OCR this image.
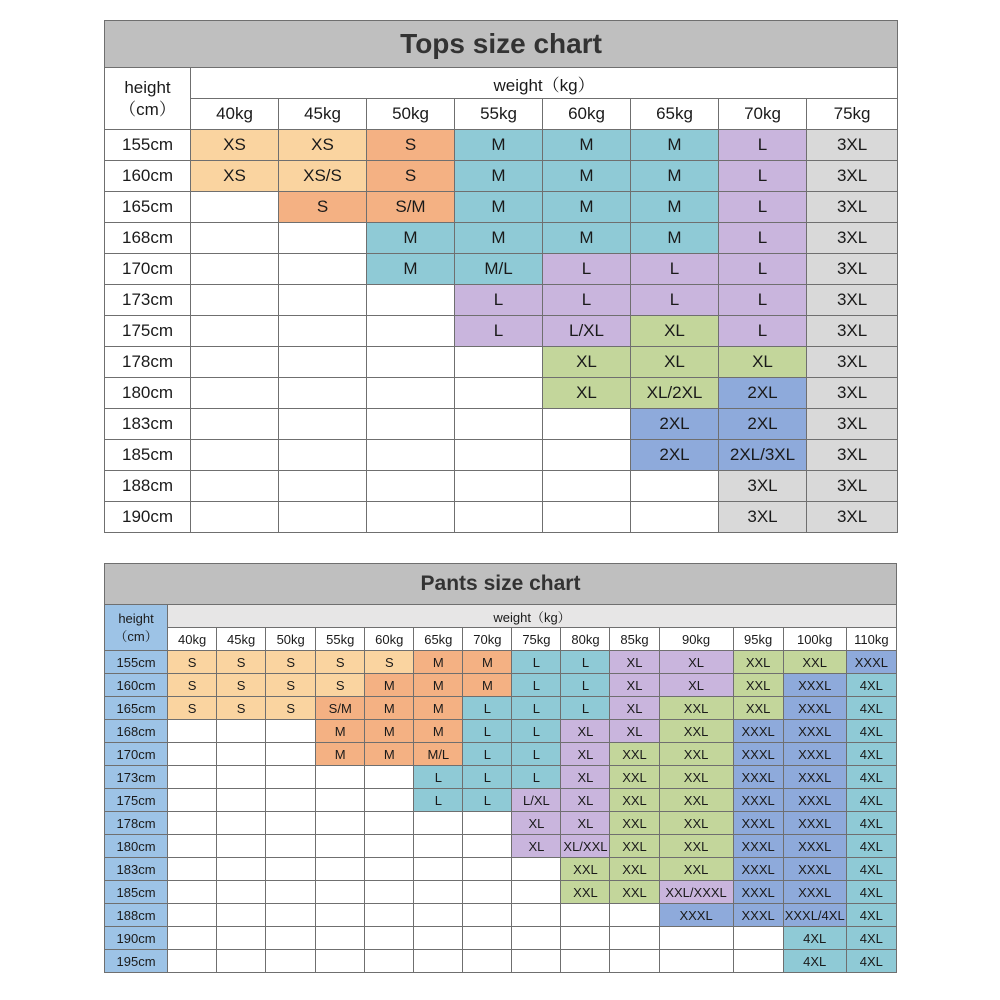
Tops size chart								
height
（cm）	weight（kg）							
	40kg	45kg	50kg	55kg	60kg	65kg	70kg	75kg
155cm	XS	XS	S	M	M	M	L	3XL
160cm	XS	XS/S	S	M	M	M	L	3XL
165cm		S	S/M	M	M	M	L	3XL
168cm			M	M	M	M	L	3XL
170cm			M	M/L	L	L	L	3XL
173cm				L	L	L	L	3XL
175cm				L	L/XL	XL	L	3XL
178cm					XL	XL	XL	3XL
180cm					XL	XL/2XL	2XL	3XL
183cm						2XL	2XL	3XL
185cm						2XL	2XL/3XL	3XL
188cm							3XL	3XL
190cm							3XL	3XL
Pants size chart														
height
（cm）	weight（kg）													
	40kg	45kg	50kg	55kg	60kg	65kg	70kg	75kg	80kg	85kg	90kg	95kg	100kg	110kg
155cm	S	S	S	S	S	M	M	L	L	XL	XL	XXL	XXL	XXXL
160cm	S	S	S	S	M	M	M	L	L	XL	XL	XXL	XXXL	4XL
165cm	S	S	S	S/M	M	M	L	L	L	XL	XXL	XXL	XXXL	4XL
168cm				M	M	M	L	L	XL	XL	XXL	XXXL	XXXL	4XL
170cm				M	M	M/L	L	L	XL	XXL	XXL	XXXL	XXXL	4XL
173cm						L	L	L	XL	XXL	XXL	XXXL	XXXL	4XL
175cm						L	L	L/XL	XL	XXL	XXL	XXXL	XXXL	4XL
178cm								XL	XL	XXL	XXL	XXXL	XXXL	4XL
180cm								XL	XL/XXL	XXL	XXL	XXXL	XXXL	4XL
183cm									XXL	XXL	XXL	XXXL	XXXL	4XL
185cm									XXL	XXL	XXL/XXXL	XXXL	XXXL	4XL
188cm											XXXL	XXXL	XXXL/4XL	4XL
190cm													4XL	4XL
195cm													4XL	4XL
